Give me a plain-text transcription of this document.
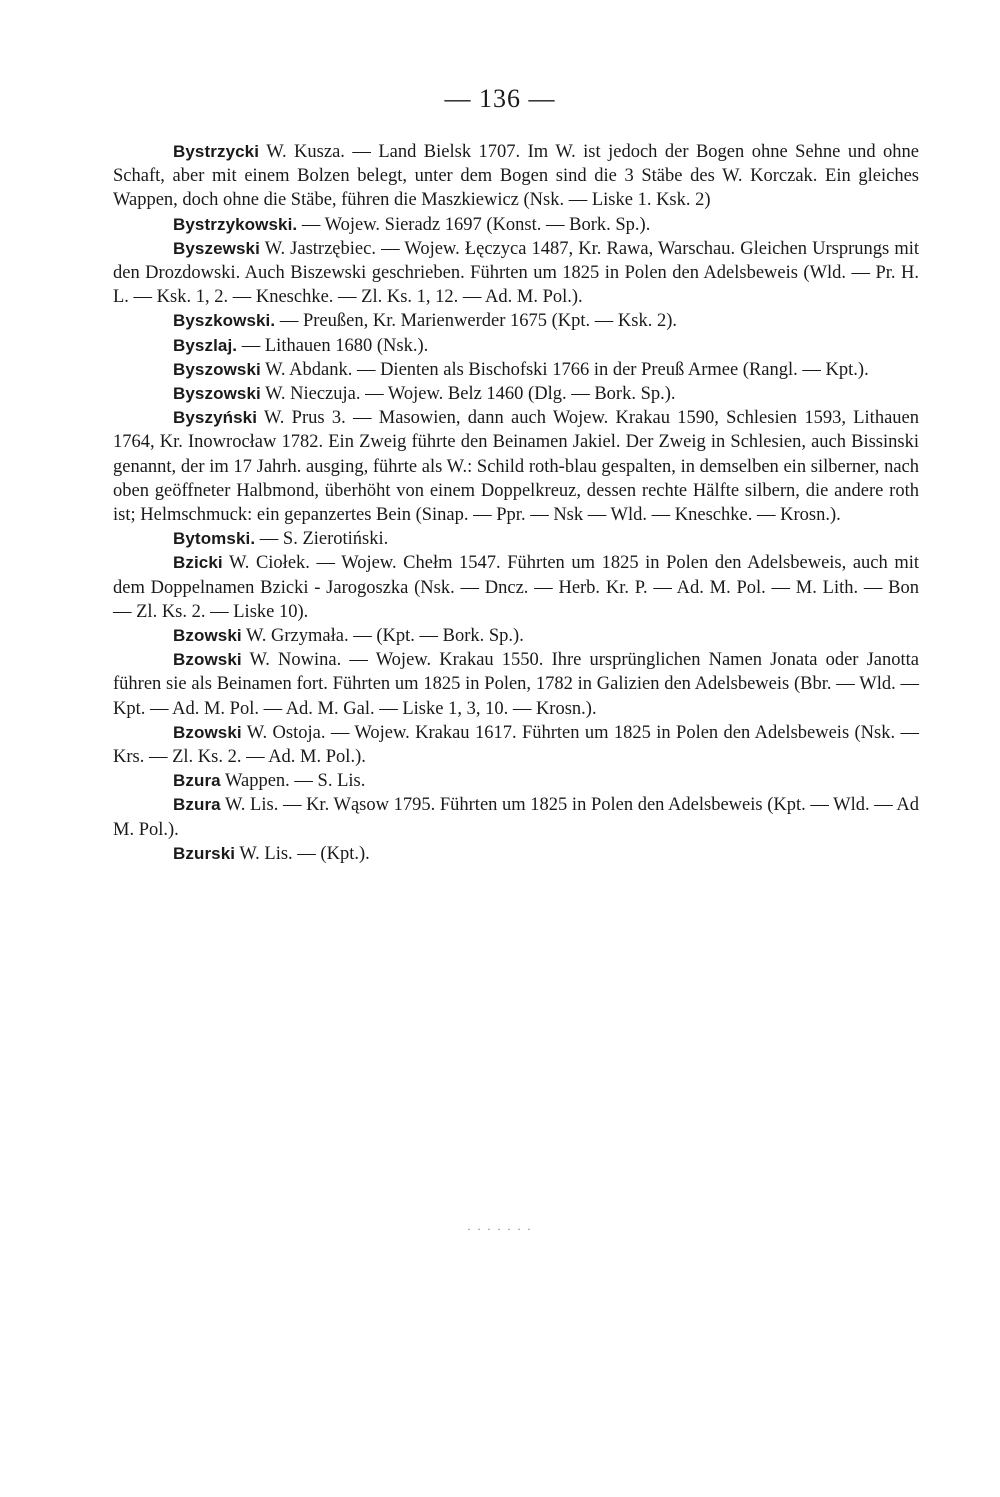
— 136 —

Bystrzycki W. Kusza. — Land Bielsk 1707. Im W. ist jedoch der Bogen ohne Sehne und ohne Schaft, aber mit einem Bolzen belegt, unter dem Bogen sind die 3 Stäbe des W. Korczak. Ein gleiches Wappen, doch ohne die Stäbe, führen die Maszkiewicz (Nsk. — Liske 1. Ksk. 2)

Bystrzykowski. — Wojew. Sieradz 1697 (Konst. — Bork. Sp.).

Byszewski W. Jastrzębiec. — Wojew. Łęczyca 1487, Kr. Rawa, Warschau. Gleichen Ursprungs mit den Drozdowski. Auch Biszewski geschrieben. Führten um 1825 in Polen den Adelsbeweis (Wld. — Pr. H. L. — Ksk. 1, 2. — Kneschke. — Zl. Ks. 1, 12. — Ad. M. Pol.).

Byszkowski. — Preußen, Kr. Marienwerder 1675 (Kpt. — Ksk. 2).

Byszlaj. — Lithauen 1680 (Nsk.).

Byszowski W. Abdank. — Dienten als Bischofski 1766 in der Preuß Armee (Rangl. — Kpt.).

Byszowski W. Nieczuja. — Wojew. Belz 1460 (Dlg. — Bork. Sp.).

Byszyński W. Prus 3. — Masowien, dann auch Wojew. Krakau 1590, Schlesien 1593, Lithauen 1764, Kr. Inowrocław 1782. Ein Zweig führte den Beinamen Jakiel. Der Zweig in Schlesien, auch Bissinski genannt, der im 17 Jahrh. ausging, führte als W.: Schild roth-blau gespalten, in demselben ein silberner, nach oben geöffneter Halbmond, überhöht von einem Doppelkreuz, dessen rechte Hälfte silbern, die andere roth ist; Helmschmuck: ein gepanzertes Bein (Sinap. — Ppr. — Nsk — Wld. — Kneschke. — Krosn.).

Bytomski. — S. Zierotiński.

Bzicki W. Ciołek. — Wojew. Chełm 1547. Führten um 1825 in Polen den Adelsbeweis, auch mit dem Doppelnamen Bzicki - Jarogoszka (Nsk. — Dncz. — Herb. Kr. P. — Ad. M. Pol. — M. Lith. — Bon — Zl. Ks. 2. — Liske 10).

Bzowski W. Grzymała. — (Kpt. — Bork. Sp.).

Bzowski W. Nowina. — Wojew. Krakau 1550. Ihre ursprünglichen Namen Jonata oder Janotta führen sie als Beinamen fort. Führten um 1825 in Polen, 1782 in Galizien den Adelsbeweis (Bbr. — Wld. — Kpt. — Ad. M. Pol. — Ad. M. Gal. — Liske 1, 3, 10. — Krosn.).

Bzowski W. Ostoja. — Wojew. Krakau 1617. Führten um 1825 in Polen den Adelsbeweis (Nsk. — Krs. — Zl. Ks. 2. — Ad. M. Pol.).

Bzura Wappen. — S. Lis.

Bzura W. Lis. — Kr. Wąsow 1795. Führten um 1825 in Polen den Adelsbeweis (Kpt. — Wld. — Ad M. Pol.).

Bzurski W. Lis. — (Kpt.).

. . . . . . .
